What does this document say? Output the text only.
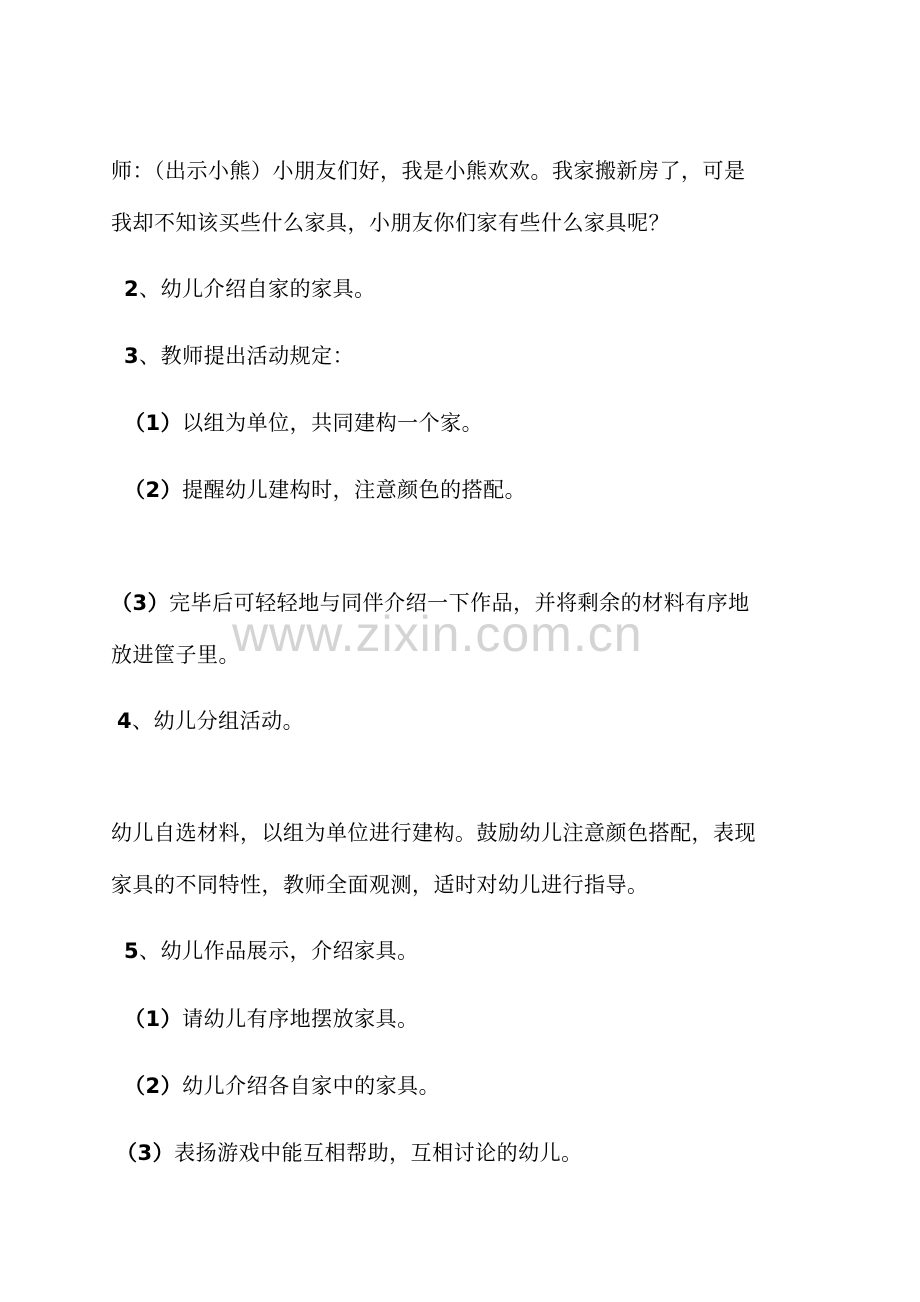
www.zixin.com.cn
师：（出示小熊）小朋友们好，我是小熊欢欢。我家搬新房了，可是
我却不知该买些什么家具，小朋友你们家有些什么家具呢？
2、幼儿介绍自家的家具。
3、教师提出活动规定：
（1）以组为单位，共同建构一个家。
（2）提醒幼儿建构时，注意颜色的搭配。
（3）完毕后可轻轻地与同伴介绍一下作品，并将剩余的材料有序地
放进筐子里。
4、幼儿分组活动。
幼儿自选材料，以组为单位进行建构。鼓励幼儿注意颜色搭配，表现
家具的不同特性，教师全面观测，适时对幼儿进行指导。
5、幼儿作品展示，介绍家具。
（1）请幼儿有序地摆放家具。
（2）幼儿介绍各自家中的家具。
（3）表扬游戏中能互相帮助，互相讨论的幼儿。
